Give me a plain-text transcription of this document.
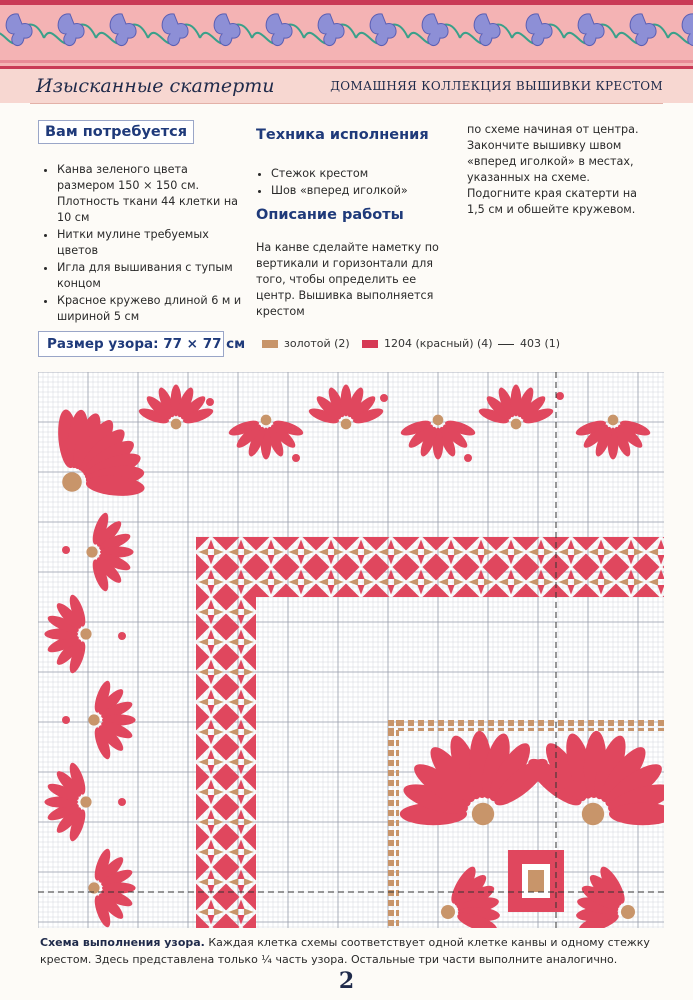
Изысканные скатерти	ДОМАШНЯЯ КОЛЛЕКЦИЯ ВЫШИВКИ КРЕСТОМ
Вам потребуется
• Канва зеленого цвета размером 150 × 150 см. Плотность ткани 44 клетки на 10 см
• Нитки мулине требуемых цветов
• Игла для вышивания с тупым концом
• Красное кружево длиной 6 м и шириной 5 см
Техника исполнения
• Стежок крестом
• Шов «вперед иголкой»
Описание работы
На канве сделайте наметку по вертикали и горизонтали для того, чтобы определить ее центр. Вышивка выполняется крестом
по схеме начиная от центра. Закончите вышивку швом «вперед иголкой» в местах, указанных на схеме. Подогните края скатерти на 1,5 см и обшейте кружевом.
Размер узора: 77 × 77 см	золотой (2)	1204 (красный) (4)	403 (1)
Схема выполнения узора. Каждая клетка схемы соответствует одной клетке канвы и одному стежку крестом. Здесь представлена только ¼ часть узора. Остальные три части выполните аналогично.
2
